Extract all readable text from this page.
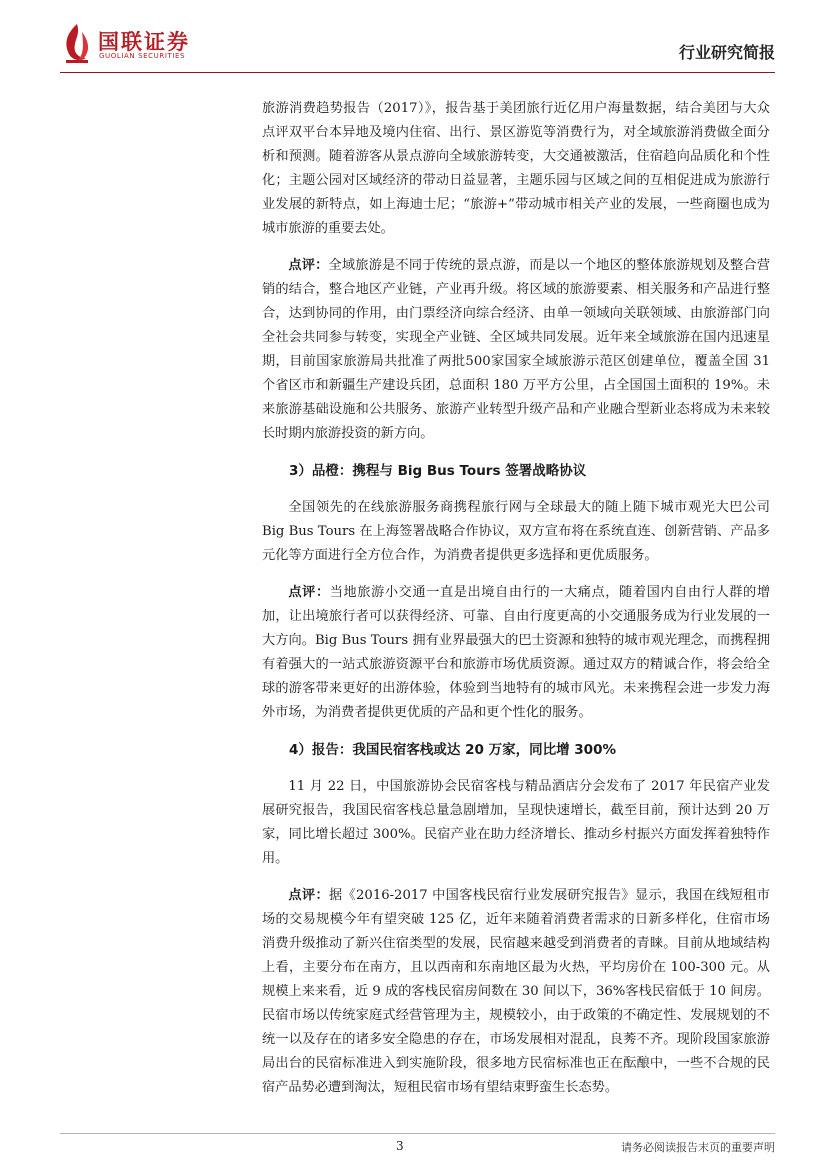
国联证券
GUOLIAN SECURITIES	行业研究简报

旅游消费趋势报告（2017）》，报告基于美团旅行近亿用户海量数据，结合美团与大众点评双平台本异地及境内住宿、出行、景区游览等消费行为，对全域旅游消费做全面分析和预测。随着游客从景点游向全域旅游转变，大交通被激活，住宿趋向品质化和个性化；主题公园对区域经济的带动日益显著，主题乐园与区域之间的互相促进成为旅游行业发展的新特点，如上海迪士尼；“旅游+”带动城市相关产业的发展，一些商圈也成为城市旅游的重要去处。

点评：全域旅游是不同于传统的景点游，而是以一个地区的整体旅游规划及整合营销的结合，整合地区产业链，产业再升级。将区域的旅游要素、相关服务和产品进行整合，达到协同的作用，由门票经济向综合经济、由单一领域向关联领域、由旅游部门向全社会共同参与转变，实现全产业链、全区域共同发展。近年来全域旅游在国内迅速星期，目前国家旅游局共批准了两批500家国家全域旅游示范区创建单位，覆盖全国 31 个省区市和新疆生产建设兵团，总面积 180 万平方公里，占全国国土面积的 19%。未来旅游基础设施和公共服务、旅游产业转型升级产品和产业融合型新业态将成为未来较长时期内旅游投资的新方向。

3）品橙：携程与 Big Bus Tours 签署战略协议

全国领先的在线旅游服务商携程旅行网与全球最大的随上随下城市观光大巴公司 Big Bus Tours 在上海签署战略合作协议，双方宣布将在系统直连、创新营销、产品多元化等方面进行全方位合作，为消费者提供更多选择和更优质服务。

点评：当地旅游小交通一直是出境自由行的一大痛点，随着国内自由行人群的增加，让出境旅行者可以获得经济、可靠、自由行度更高的小交通服务成为行业发展的一大方向。Big Bus Tours 拥有业界最强大的巴士资源和独特的城市观光理念，而携程拥有着强大的一站式旅游资源平台和旅游市场优质资源。通过双方的精诚合作，将会给全球的游客带来更好的出游体验，体验到当地特有的城市风光。未来携程会进一步发力海外市场，为消费者提供更优质的产品和更个性化的服务。

4）报告：我国民宿客栈或达 20 万家，同比增 300%

11 月 22 日，中国旅游协会民宿客栈与精品酒店分会发布了 2017 年民宿产业发展研究报告，我国民宿客栈总量急剧增加，呈现快速增长，截至目前，预计达到 20 万家，同比增长超过 300%。民宿产业在助力经济增长、推动乡村振兴方面发挥着独特作用。

点评：据《2016-2017 中国客栈民宿行业发展研究报告》显示，我国在线短租市场的交易规模今年有望突破 125 亿，近年来随着消费者需求的日新多样化，住宿市场消费升级推动了新兴住宿类型的发展，民宿越来越受到消费者的青睐。目前从地域结构上看，主要分布在南方，且以西南和东南地区最为火热，平均房价在 100-300 元。从规模上来来看，近 9 成的客栈民宿房间数在 30 间以下，36%客栈民宿低于 10 间房。民宿市场以传统家庭式经营管理为主，规模较小，由于政策的不确定性、发展规划的不统一以及存在的诸多安全隐患的存在，市场发展相对混乱，良莠不齐。现阶段国家旅游局出台的民宿标准进入到实施阶段，很多地方民宿标准也正在酝酿中，一些不合规的民宿产品势必遭到淘汰，短租民宿市场有望结束野蛮生长态势。

3	请务必阅读报告末页的重要声明
